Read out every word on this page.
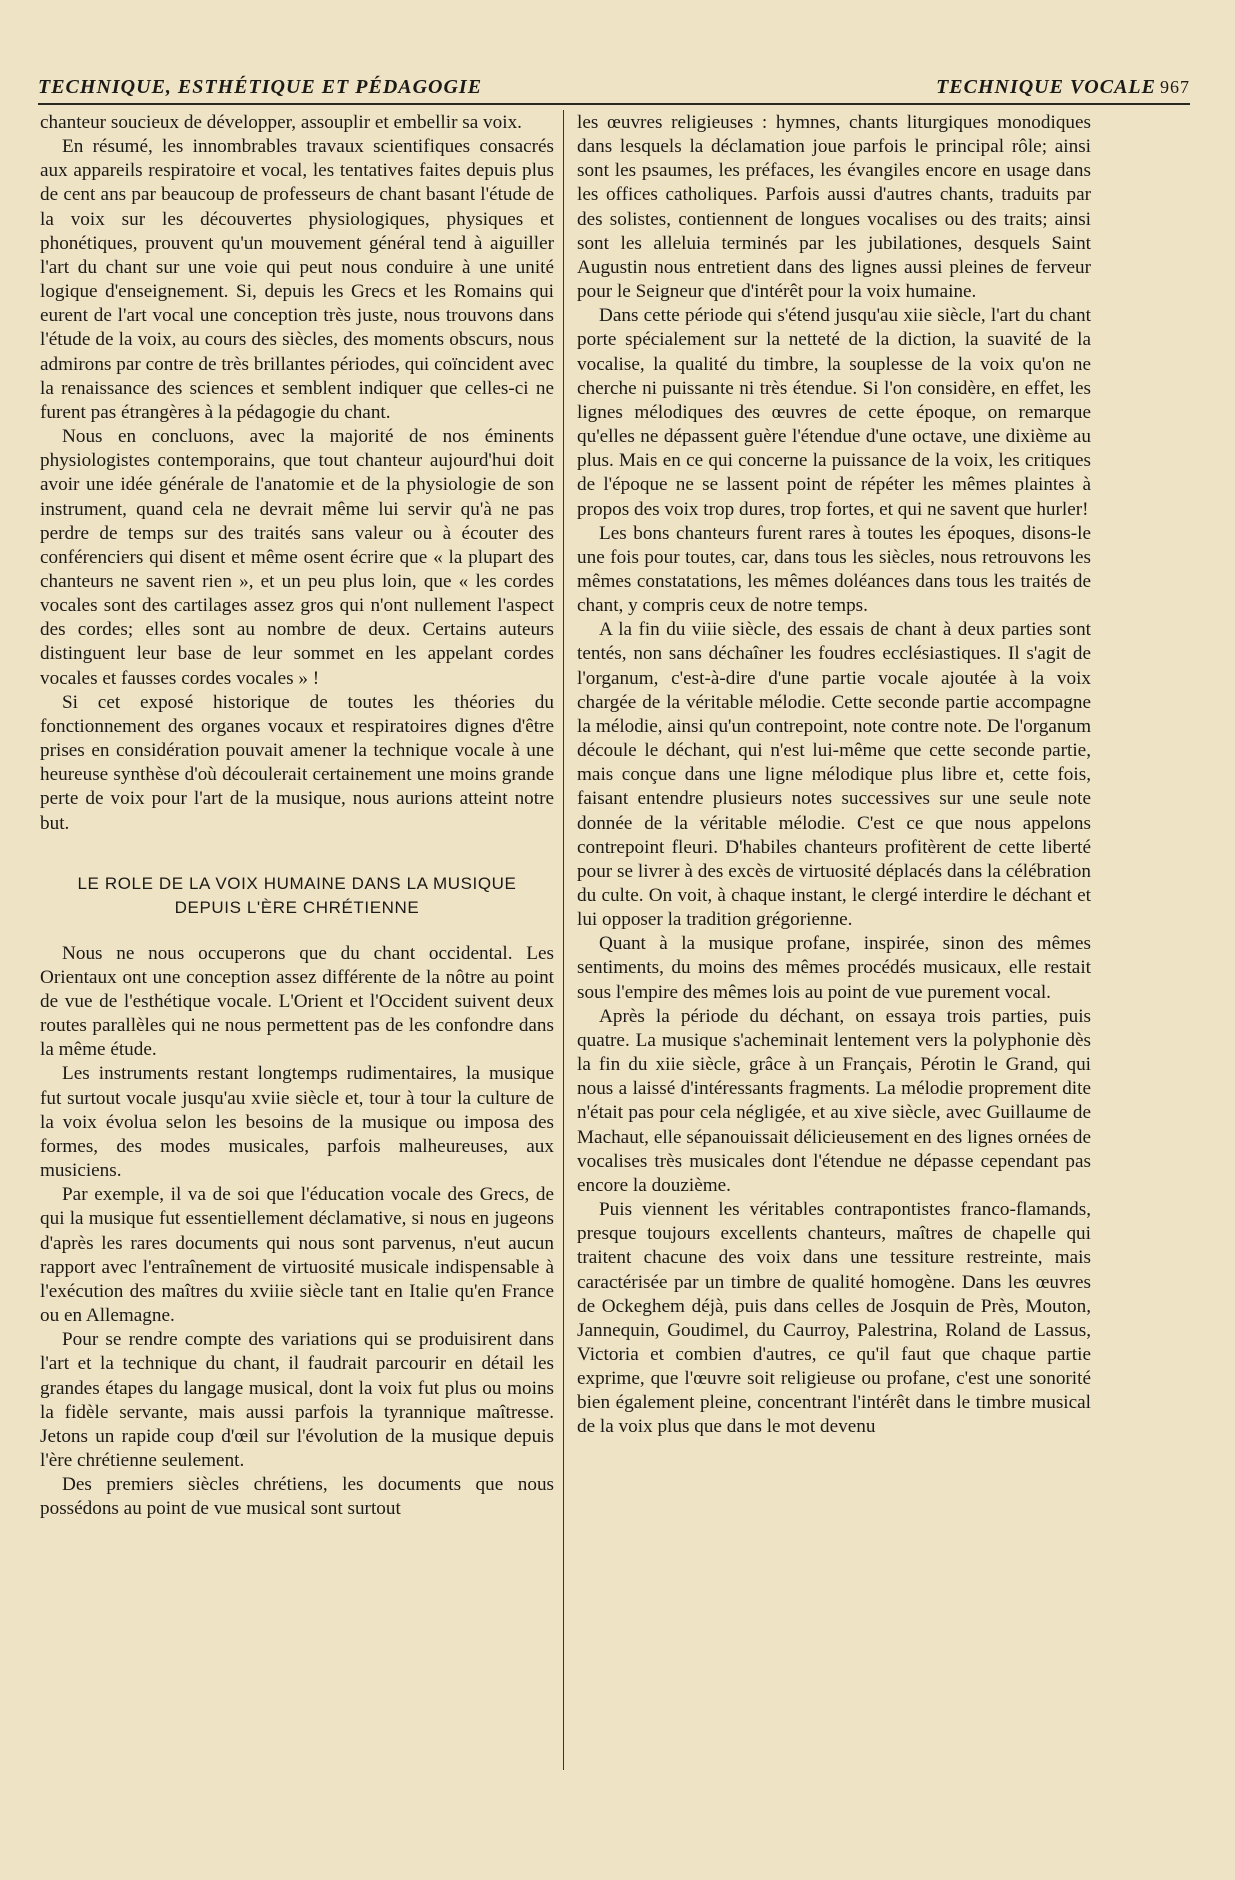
TECHNIQUE, ESTHÉTIQUE ET PÉDAGOGIE	TECHNIQUE VOCALE 967

chanteur soucieux de développer, assouplir et embellir sa voix.

En résumé, les innombrables travaux scientifiques consacrés aux appareils respiratoire et vocal, les tentatives faites depuis plus de cent ans par beaucoup de professeurs de chant basant l'étude de la voix sur les découvertes physiologiques, physiques et phonétiques, prouvent qu'un mouvement général tend à aiguiller l'art du chant sur une voie qui peut nous conduire à une unité logique d'enseignement. Si, depuis les Grecs et les Romains qui eurent de l'art vocal une conception très juste, nous trouvons dans l'étude de la voix, au cours des siècles, des moments obscurs, nous admirons par contre de très brillantes périodes, qui coïncident avec la renaissance des sciences et semblent indiquer que celles-ci ne furent pas étrangères à la pédagogie du chant.

Nous en concluons, avec la majorité de nos éminents physiologistes contemporains, que tout chanteur aujourd'hui doit avoir une idée générale de l'anatomie et de la physiologie de son instrument, quand cela ne devrait même lui servir qu'à ne pas perdre de temps sur des traités sans valeur ou à écouter des conférenciers qui disent et même osent écrire que « la plupart des chanteurs ne savent rien », et un peu plus loin, que « les cordes vocales sont des cartilages assez gros qui n'ont nullement l'aspect des cordes; elles sont au nombre de deux. Certains auteurs distinguent leur base de leur sommet en les appelant cordes vocales et fausses cordes vocales » !

Si cet exposé historique de toutes les théories du fonctionnement des organes vocaux et respiratoires dignes d'être prises en considération pouvait amener la technique vocale à une heureuse synthèse d'où découlerait certainement une moins grande perte de voix pour l'art de la musique, nous aurions atteint notre but.

LE ROLE DE LA VOIX HUMAINE DANS LA MUSIQUE
DEPUIS L'ÈRE CHRÉTIENNE

Nous ne nous occuperons que du chant occidental. Les Orientaux ont une conception assez différente de la nôtre au point de vue de l'esthétique vocale. L'Orient et l'Occident suivent deux routes parallèles qui ne nous permettent pas de les confondre dans la même étude.

Les instruments restant longtemps rudimentaires, la musique fut surtout vocale jusqu'au xviie siècle et, tour à tour la culture de la voix évolua selon les besoins de la musique ou imposa des formes, des modes musicales, parfois malheureuses, aux musiciens.

Par exemple, il va de soi que l'éducation vocale des Grecs, de qui la musique fut essentiellement déclamative, si nous en jugeons d'après les rares documents qui nous sont parvenus, n'eut aucun rapport avec l'entraînement de virtuosité musicale indispensable à l'exécution des maîtres du xviiie siècle tant en Italie qu'en France ou en Allemagne.

Pour se rendre compte des variations qui se produisirent dans l'art et la technique du chant, il faudrait parcourir en détail les grandes étapes du langage musical, dont la voix fut plus ou moins la fidèle servante, mais aussi parfois la tyrannique maîtresse. Jetons un rapide coup d'œil sur l'évolution de la musique depuis l'ère chrétienne seulement.

Des premiers siècles chrétiens, les documents que nous possédons au point de vue musical sont surtout

les œuvres religieuses : hymnes, chants liturgiques monodiques dans lesquels la déclamation joue parfois le principal rôle; ainsi sont les psaumes, les préfaces, les évangiles encore en usage dans les offices catholiques. Parfois aussi d'autres chants, traduits par des solistes, contiennent de longues vocalises ou des traits; ainsi sont les alleluia terminés par les jubilationes, desquels Saint Augustin nous entretient dans des lignes aussi pleines de ferveur pour le Seigneur que d'intérêt pour la voix humaine.

Dans cette période qui s'étend jusqu'au xiie siècle, l'art du chant porte spécialement sur la netteté de la diction, la suavité de la vocalise, la qualité du timbre, la souplesse de la voix qu'on ne cherche ni puissante ni très étendue. Si l'on considère, en effet, les lignes mélodiques des œuvres de cette époque, on remarque qu'elles ne dépassent guère l'étendue d'une octave, une dixième au plus. Mais en ce qui concerne la puissance de la voix, les critiques de l'époque ne se lassent point de répéter les mêmes plaintes à propos des voix trop dures, trop fortes, et qui ne savent que hurler!

Les bons chanteurs furent rares à toutes les époques, disons-le une fois pour toutes, car, dans tous les siècles, nous retrouvons les mêmes constatations, les mêmes doléances dans tous les traités de chant, y compris ceux de notre temps.

A la fin du viiie siècle, des essais de chant à deux parties sont tentés, non sans déchaîner les foudres ecclésiastiques. Il s'agit de l'organum, c'est-à-dire d'une partie vocale ajoutée à la voix chargée de la véritable mélodie. Cette seconde partie accompagne la mélodie, ainsi qu'un contrepoint, note contre note. De l'organum découle le déchant, qui n'est lui-même que cette seconde partie, mais conçue dans une ligne mélodique plus libre et, cette fois, faisant entendre plusieurs notes successives sur une seule note donnée de la véritable mélodie. C'est ce que nous appelons contrepoint fleuri. D'habiles chanteurs profitèrent de cette liberté pour se livrer à des excès de virtuosité déplacés dans la célébration du culte. On voit, à chaque instant, le clergé interdire le déchant et lui opposer la tradition grégorienne.

Quant à la musique profane, inspirée, sinon des mêmes sentiments, du moins des mêmes procédés musicaux, elle restait sous l'empire des mêmes lois au point de vue purement vocal.

Après la période du déchant, on essaya trois parties, puis quatre. La musique s'acheminait lentement vers la polyphonie dès la fin du xiie siècle, grâce à un Français, Pérotin le Grand, qui nous a laissé d'intéressants fragments. La mélodie proprement dite n'était pas pour cela négligée, et au xive siècle, avec Guillaume de Machaut, elle sépanouissait délicieusement en des lignes ornées de vocalises très musicales dont l'étendue ne dépasse cependant pas encore la douzième.

Puis viennent les véritables contrapontistes franco-flamands, presque toujours excellents chanteurs, maîtres de chapelle qui traitent chacune des voix dans une tessiture restreinte, mais caractérisée par un timbre de qualité homogène. Dans les œuvres de Ockeghem déjà, puis dans celles de Josquin de Près, Mouton, Jannequin, Goudimel, du Caurroy, Palestrina, Roland de Lassus, Victoria et combien d'autres, ce qu'il faut que chaque partie exprime, que l'œuvre soit religieuse ou profane, c'est une sonorité bien également pleine, concentrant l'intérêt dans le timbre musical de la voix plus que dans le mot devenu
